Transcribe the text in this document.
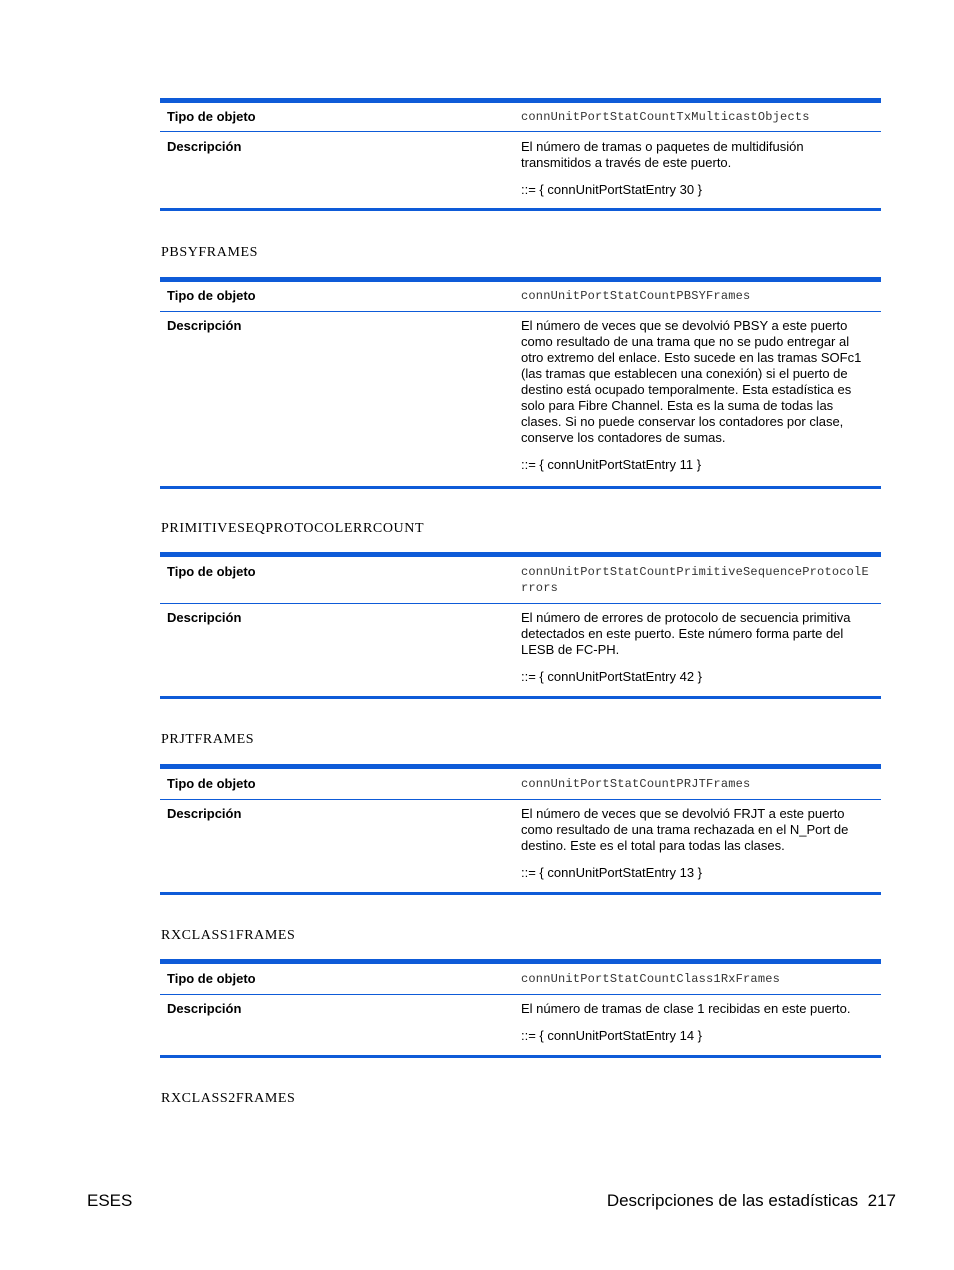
Tipo de objeto	connUnitPortStatCountTxMulticastObjects
Descripción	El número de tramas o paquetes de multidifusión transmitidos a través de este puerto.

::= { connUnitPortStatEntry 30 }

PBSYFRAMES
Tipo de objeto	connUnitPortStatCountPBSYFrames
Descripción	El número de veces que se devolvió PBSY a este puerto como resultado de una trama que no se pudo entregar al otro extremo del enlace. Esto sucede en las tramas SOFc1 (las tramas que establecen una conexión) si el puerto de destino está ocupado temporalmente. Esta estadística es solo para Fibre Channel. Esta es la suma de todas las clases. Si no puede conservar los contadores por clase, conserve los contadores de sumas.

::= { connUnitPortStatEntry 11 }

PRIMITIVESEQPROTOCOLERRCOUNT
Tipo de objeto	connUnitPortStatCountPrimitiveSequenceProtocolErrors
Descripción	El número de errores de protocolo de secuencia primitiva detectados en este puerto. Este número forma parte del LESB de FC-PH.

::= { connUnitPortStatEntry 42 }

PRJTFRAMES
Tipo de objeto	connUnitPortStatCountPRJTFrames
Descripción	El número de veces que se devolvió FRJT a este puerto como resultado de una trama rechazada en el N_Port de destino. Este es el total para todas las clases.

::= { connUnitPortStatEntry 13 }

RXCLASS1FRAMES
Tipo de objeto	connUnitPortStatCountClass1RxFrames
Descripción	El número de tramas de clase 1 recibidas en este puerto.

::= { connUnitPortStatEntry 14 }

RXCLASS2FRAMES
ESES	Descripciones de las estadísticas 217
